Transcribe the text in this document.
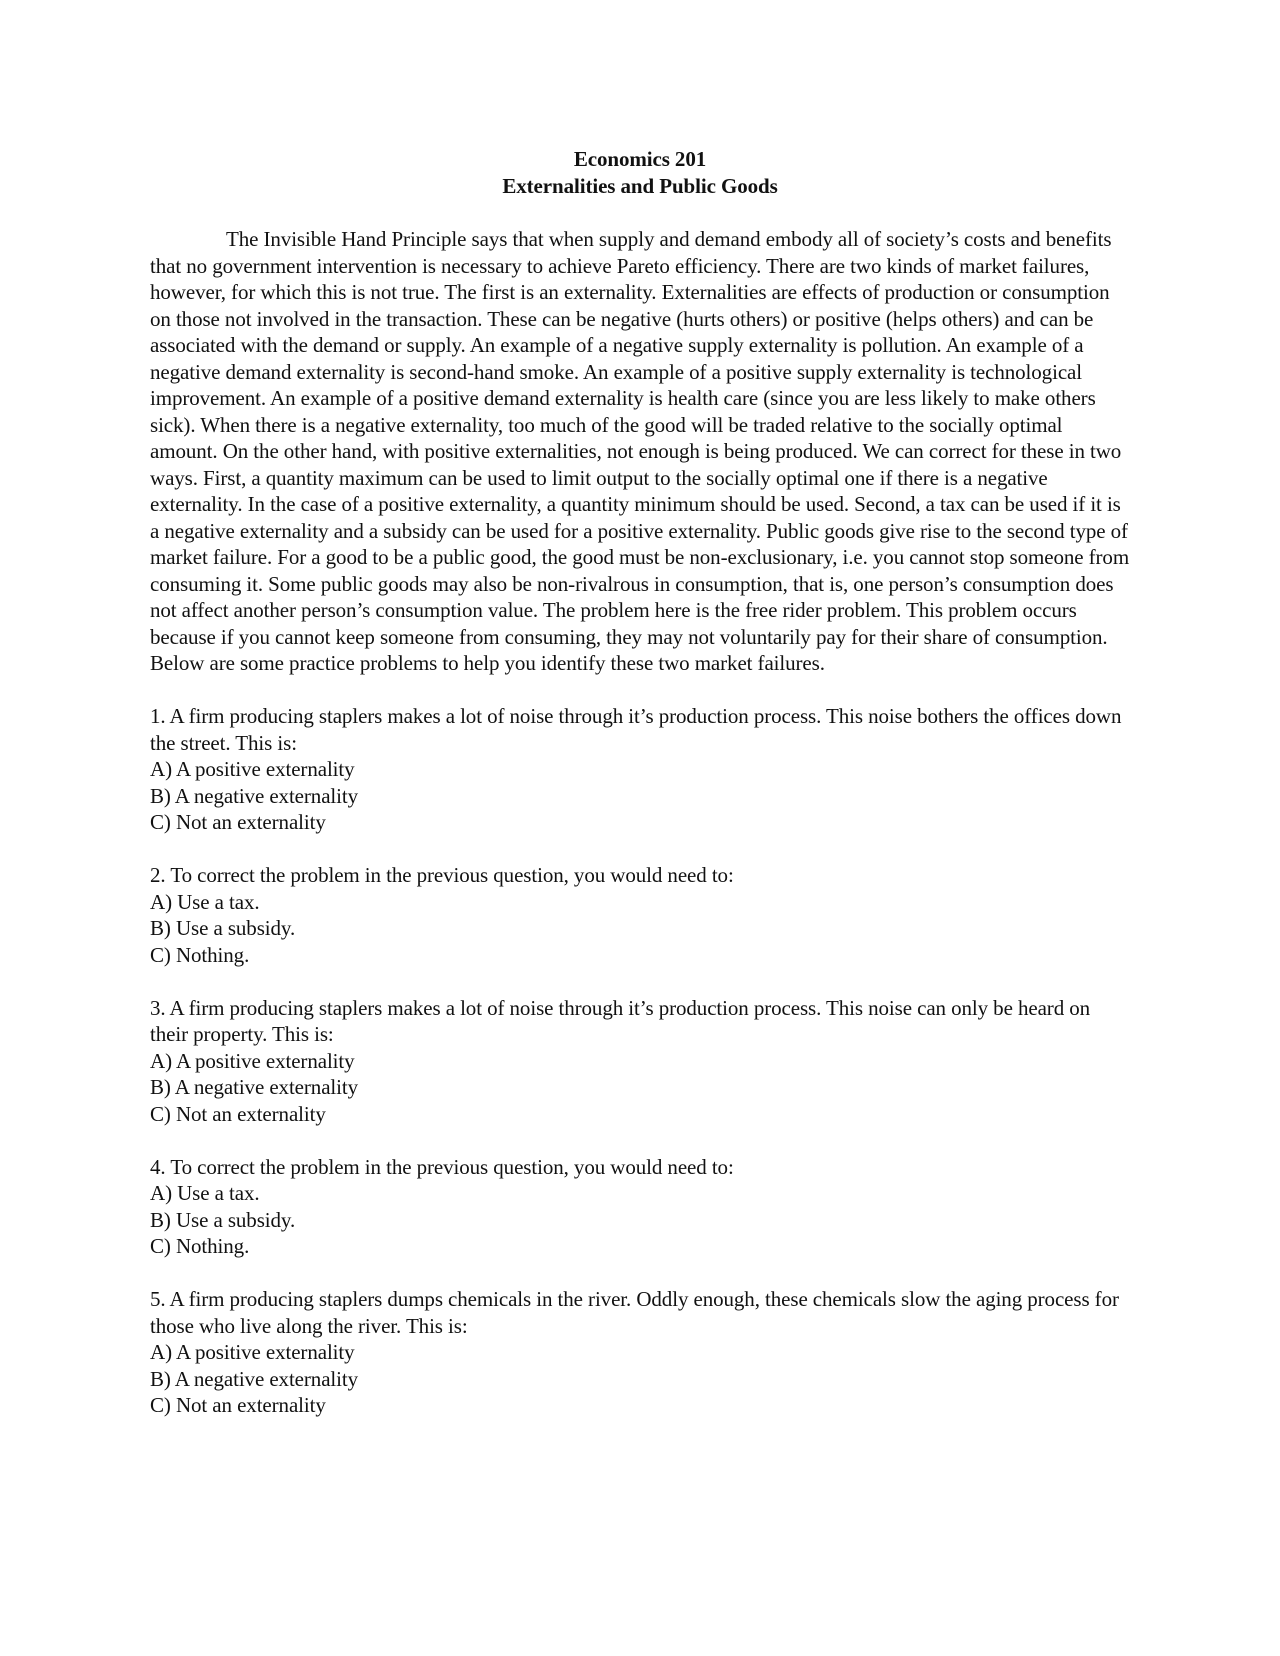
Economics 201
Externalities and Public Goods

The Invisible Hand Principle says that when supply and demand embody all of society’s costs and benefits that no government intervention is necessary to achieve Pareto efficiency. There are two kinds of market failures, however, for which this is not true. The first is an externality. Externalities are effects of production or consumption on those not involved in the transaction. These can be negative (hurts others) or positive (helps others) and can be associated with the demand or supply. An example of a negative supply externality is pollution. An example of a negative demand externality is second-hand smoke. An example of a positive supply externality is technological improvement. An example of a positive demand externality is health care (since you are less likely to make others sick). When there is a negative externality, too much of the good will be traded relative to the socially optimal amount. On the other hand, with positive externalities, not enough is being produced. We can correct for these in two ways. First, a quantity maximum can be used to limit output to the socially optimal one if there is a negative externality. In the case of a positive externality, a quantity minimum should be used. Second, a tax can be used if it is a negative externality and a subsidy can be used for a positive externality. Public goods give rise to the second type of market failure. For a good to be a public good, the good must be non-exclusionary, i.e. you cannot stop someone from consuming it. Some public goods may also be non-rivalrous in consumption, that is, one person’s consumption does not affect another person’s consumption value. The problem here is the free rider problem. This problem occurs because if you cannot keep someone from consuming, they may not voluntarily pay for their share of consumption.

Below are some practice problems to help you identify these two market failures.

1. A firm producing staplers makes a lot of noise through it’s production process. This noise bothers the offices down the street. This is:

A) A positive externality
B) A negative externality
C) Not an externality

2. To correct the problem in the previous question, you would need to:

A) Use a tax.
B) Use a subsidy.
C) Nothing.

3. A firm producing staplers makes a lot of noise through it’s production process. This noise can only be heard on their property. This is:

A) A positive externality
B) A negative externality
C) Not an externality

4. To correct the problem in the previous question, you would need to:

A) Use a tax.
B) Use a subsidy.
C) Nothing.

5. A firm producing staplers dumps chemicals in the river. Oddly enough, these chemicals slow the aging process for those who live along the river. This is:

A) A positive externality
B) A negative externality
C) Not an externality
